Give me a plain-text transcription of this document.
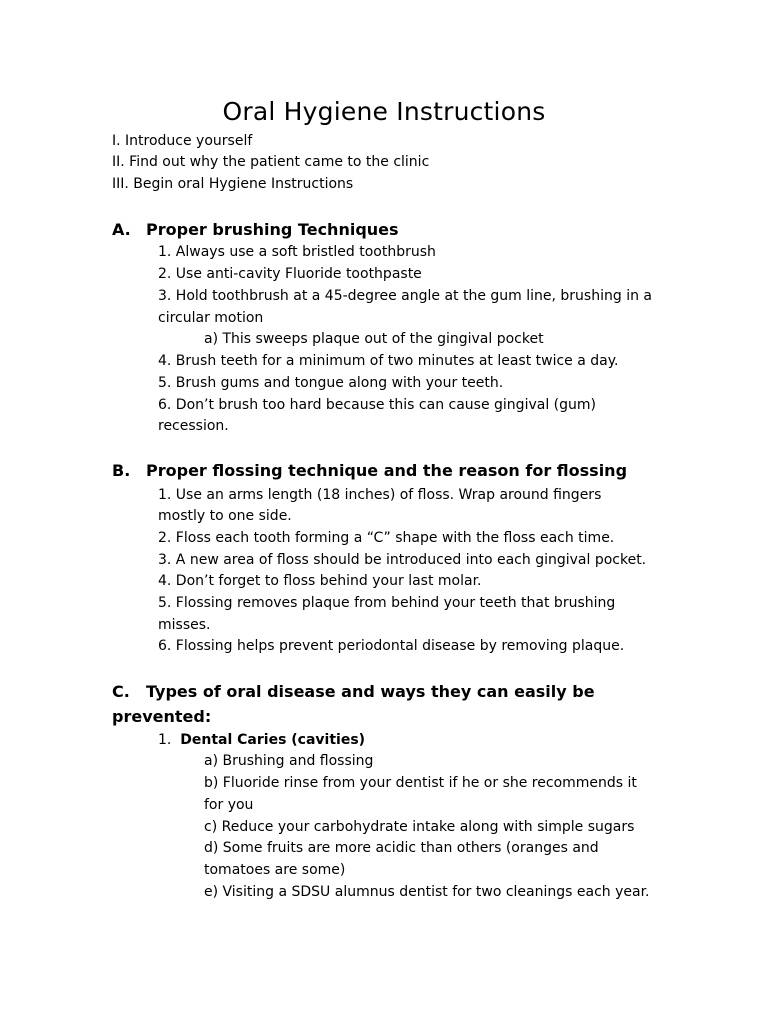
Oral Hygiene Instructions
I. Introduce yourself
II. Find out why the patient came to the clinic
III. Begin oral Hygiene Instructions
A. Proper brushing Techniques
1. Always use a soft bristled toothbrush
2. Use anti-cavity Fluoride toothpaste
3. Hold toothbrush at a 45-degree angle at the gum line, brushing in a
circular motion
a) This sweeps plaque out of the gingival pocket
4. Brush teeth for a minimum of two minutes at least twice a day.
5. Brush gums and tongue along with your teeth.
6. Don’t brush too hard because this can cause gingival (gum)
recession.
B. Proper flossing technique and the reason for flossing
1. Use an arms length (18 inches) of floss. Wrap around fingers
mostly to one side.
2. Floss each tooth forming a “C” shape with the floss each time.
3. A new area of floss should be introduced into each gingival pocket.
4. Don’t forget to floss behind your last molar.
5. Flossing removes plaque from behind your teeth that brushing
misses.
6. Flossing helps prevent periodontal disease by removing plaque.
C. Types of oral disease and ways they can easily be
prevented:
1. Dental Caries (cavities)
a) Brushing and flossing
b) Fluoride rinse from your dentist if he or she recommends it
for you
c) Reduce your carbohydrate intake along with simple sugars
d) Some fruits are more acidic than others (oranges and
tomatoes are some)
e) Visiting a SDSU alumnus dentist for two cleanings each year.
